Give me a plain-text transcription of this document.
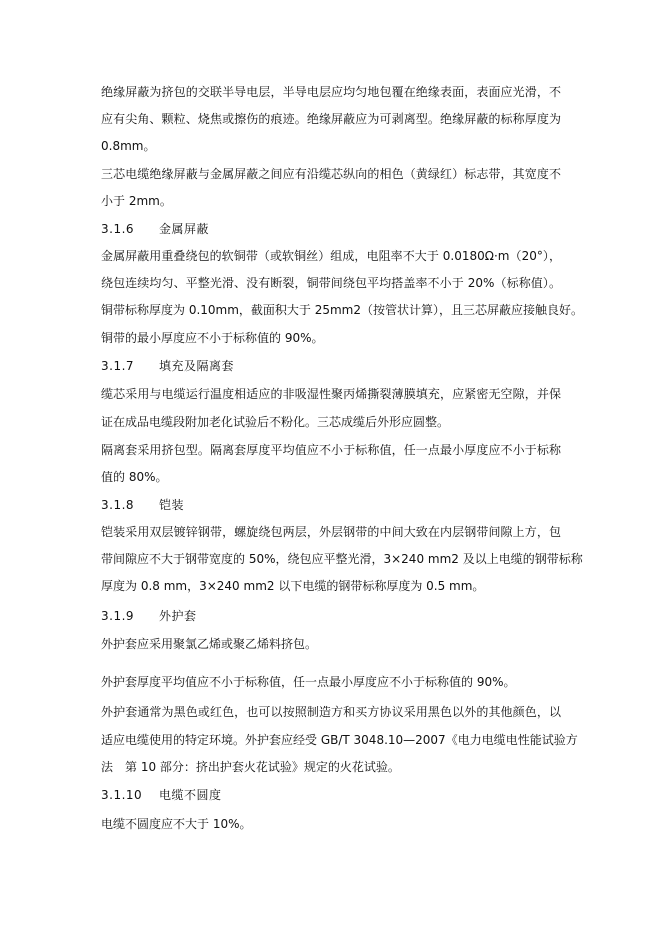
绝缘屏蔽为挤包的交联半导电层，半导电层应均匀地包覆在绝缘表面，表面应光滑，不
应有尖角、颗粒、烧焦或擦伤的痕迹。绝缘屏蔽应为可剥离型。绝缘屏蔽的标称厚度为
0.8mm。
三芯电缆绝缘屏蔽与金属屏蔽之间应有沿缆芯纵向的相色（黄绿红）标志带，其宽度不
小于 2mm。
3.1.6 金属屏蔽
金属屏蔽用重叠绕包的软铜带（或软铜丝）组成，电阻率不大于 0.0180Ω·m（20°），
绕包连续均匀、平整光滑、没有断裂，铜带间绕包平均搭盖率不小于 20%（标称值）。
铜带标称厚度为 0.10mm，截面积大于 25mm2（按管状计算），且三芯屏蔽应接触良好。
铜带的最小厚度应不小于标称值的 90%。
3.1.7 填充及隔离套
缆芯采用与电缆运行温度相适应的非吸湿性聚丙烯撕裂薄膜填充，应紧密无空隙，并保
证在成品电缆段附加老化试验后不粉化。三芯成缆后外形应圆整。
隔离套采用挤包型。隔离套厚度平均值应不小于标称值，任一点最小厚度应不小于标称
值的 80%。
3.1.8 铠装
铠装采用双层镀锌钢带，螺旋绕包两层，外层钢带的中间大致在内层钢带间隙上方，包
带间隙应不大于钢带宽度的 50%，绕包应平整光滑，3×240 mm2 及以上电缆的钢带标称
厚度为 0.8 mm，3×240 mm2 以下电缆的钢带标称厚度为 0.5 mm。
3.1.9 外护套
外护套应采用聚氯乙烯或聚乙烯料挤包。
外护套厚度平均值应不小于标称值，任一点最小厚度应不小于标称值的 90%。
外护套通常为黑色或红色，也可以按照制造方和买方协议采用黑色以外的其他颜色，以
适应电缆使用的特定环境。外护套应经受 GB/T 3048.10—2007《电力电缆电性能试验方
法　第 10 部分：挤出护套火花试验》规定的火花试验。
3.1.10 电缆不圆度
电缆不圆度应不大于 10%。
